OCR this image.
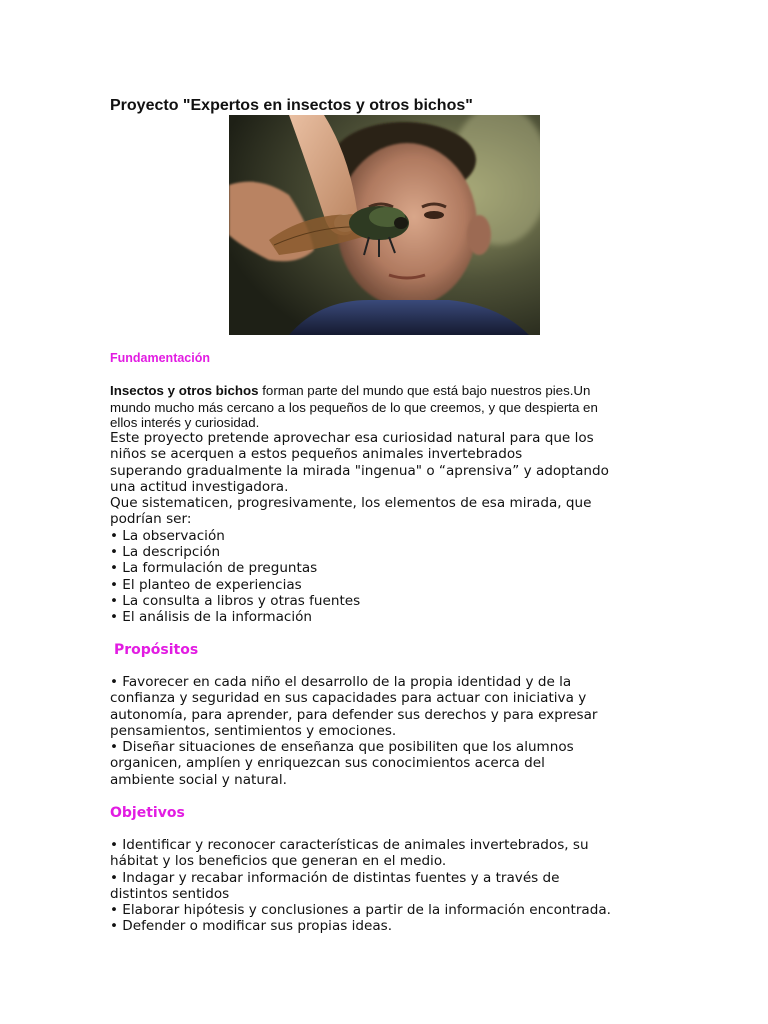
Proyecto "Expertos en insectos y otros bichos"
Fundamentación
Insectos y otros bichos forman parte del mundo que está bajo nuestros pies.Un
mundo mucho más cercano a los pequeños de lo que creemos, y que despierta en
ellos interés y curiosidad.
Este proyecto pretende aprovechar esa curiosidad natural para que los
niños se acerquen a estos pequeños animales invertebrados
superando gradualmente la mirada "ingenua" o “aprensiva” y adoptando
una actitud investigadora.
Que sistematicen, progresivamente, los elementos de esa mirada, que
podrían ser:
• La observación
• La descripción
• La formulación de preguntas
• El planteo de experiencias
• La consulta a libros y otras fuentes
• El análisis de la información
Propósitos
• Favorecer en cada niño el desarrollo de la propia identidad y de la
confianza y seguridad en sus capacidades para actuar con iniciativa y
autonomía, para aprender, para defender sus derechos y para expresar
pensamientos, sentimientos y emociones.
• Diseñar situaciones de enseñanza que posibiliten que los alumnos
organicen, amplíen y enriquezcan sus conocimientos acerca del
ambiente social y natural.
Objetivos
• Identificar y reconocer características de animales invertebrados, su
hábitat y los beneficios que generan en el medio.
• Indagar y recabar información de distintas fuentes y a través de
distintos sentidos
• Elaborar hipótesis y conclusiones a partir de la información encontrada.
• Defender o modificar sus propias ideas.
